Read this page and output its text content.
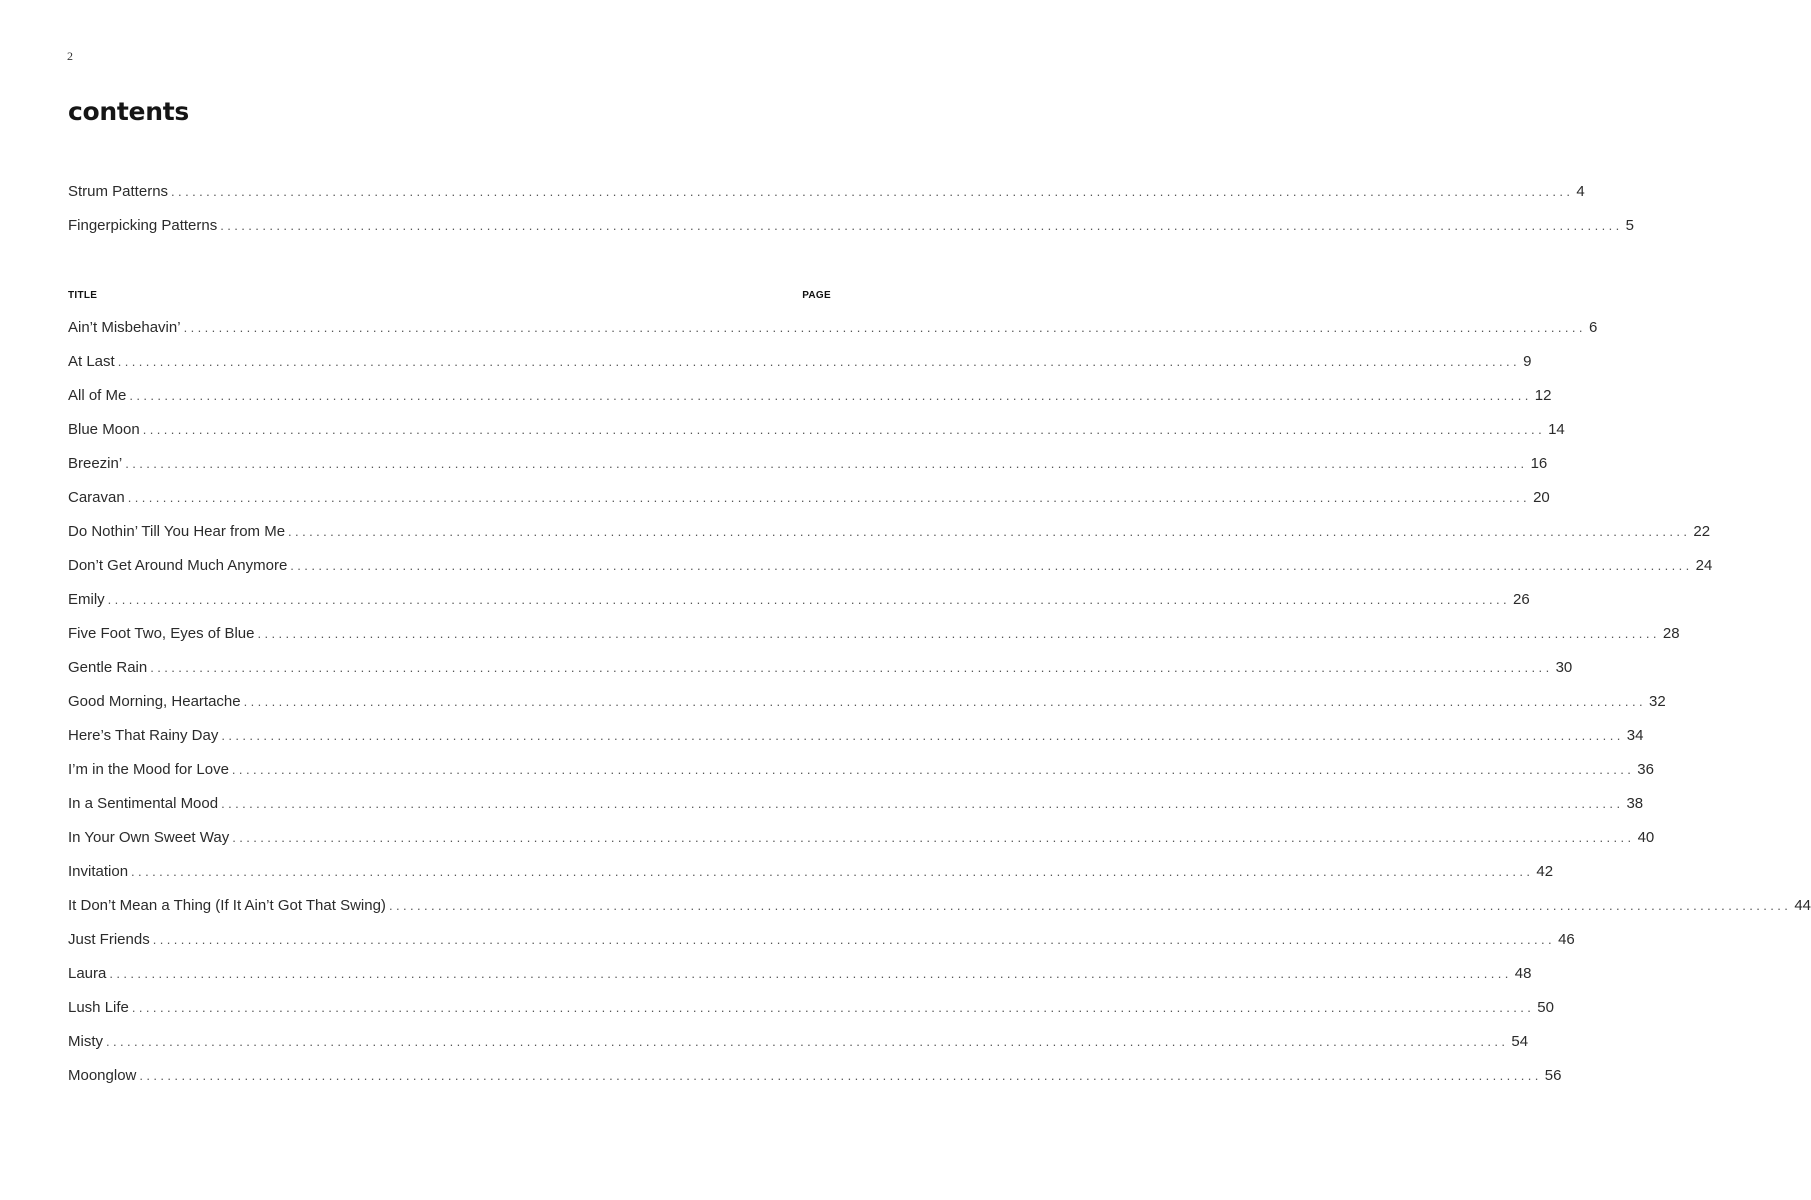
2
contents
Strum Patterns ........................................................................................................................................................................................................ 4
Fingerpicking Patterns ........................................................................................................................................................................................................ 5
TITLE	PAGE
Ain’t Misbehavin’ ........................................................................................................................................................................................................ 6
At Last ........................................................................................................................................................................................................ 9
All of Me ........................................................................................................................................................................................................ 12
Blue Moon ........................................................................................................................................................................................................ 14
Breezin’ ........................................................................................................................................................................................................ 16
Caravan ........................................................................................................................................................................................................ 20
Do Nothin’ Till You Hear from Me ........................................................................................................................................................................................................ 22
Don’t Get Around Much Anymore ........................................................................................................................................................................................................ 24
Emily ........................................................................................................................................................................................................ 26
Five Foot Two, Eyes of Blue ........................................................................................................................................................................................................ 28
Gentle Rain ........................................................................................................................................................................................................ 30
Good Morning, Heartache ........................................................................................................................................................................................................ 32
Here’s That Rainy Day ........................................................................................................................................................................................................ 34
I’m in the Mood for Love ........................................................................................................................................................................................................ 36
In a Sentimental Mood ........................................................................................................................................................................................................ 38
In Your Own Sweet Way ........................................................................................................................................................................................................ 40
Invitation ........................................................................................................................................................................................................ 42
It Don’t Mean a Thing (If It Ain’t Got That Swing) ........................................................................................................................................................................................................ 44
Just Friends ........................................................................................................................................................................................................ 46
Laura ........................................................................................................................................................................................................ 48
Lush Life ........................................................................................................................................................................................................ 50
Misty ........................................................................................................................................................................................................ 54
Moonglow ........................................................................................................................................................................................................ 56
